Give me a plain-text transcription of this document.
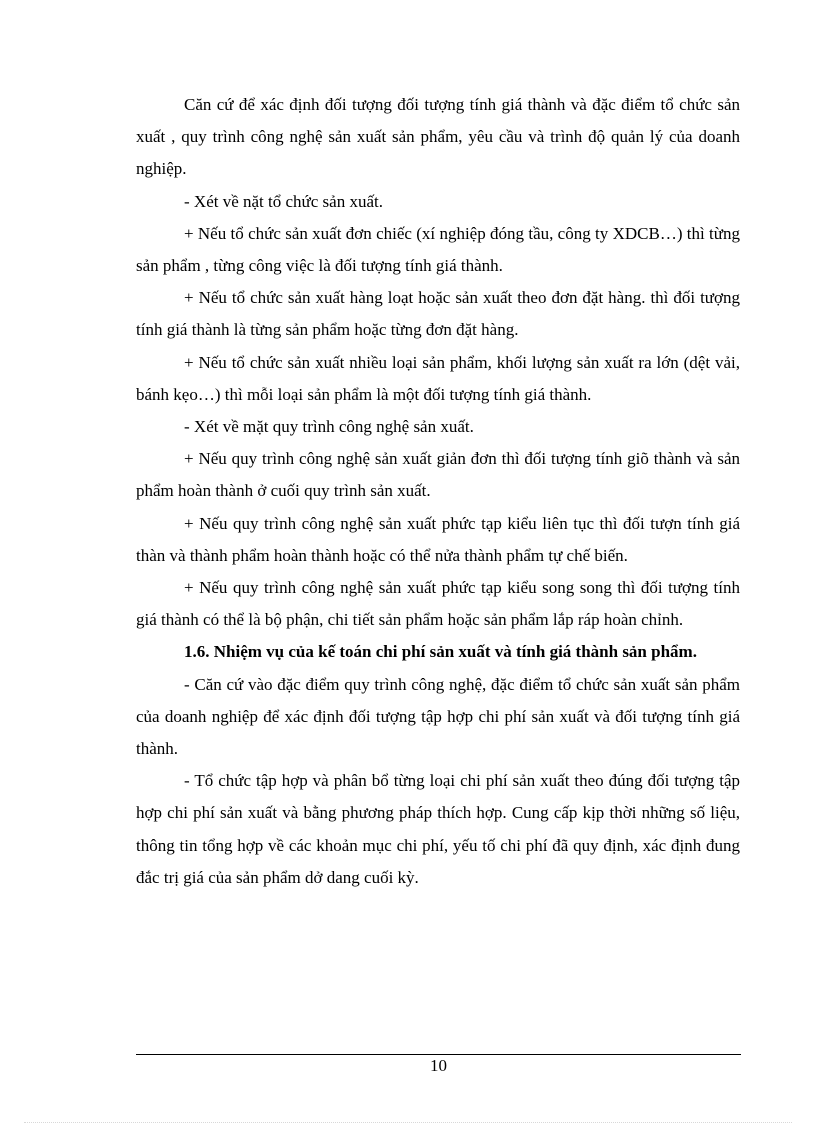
Căn cứ để xác định đối tượng đối tượng tính giá thành và đặc điểm tổ chức sản xuất , quy trình công nghệ sản xuất sản phẩm, yêu cầu và trình độ quản lý của doanh nghiệp.

- Xét về nặt tổ chức sản xuất.

+ Nếu tổ chức sản xuất đơn chiếc (xí nghiệp đóng tầu, công ty XDCB…) thì từng sản phẩm , từng công việc là đối tượng tính giá thành.

+ Nếu tổ chức sản xuất hàng loạt hoặc sản xuất theo đơn đặt hàng. thì đối tượng tính giá thành là từng sản phẩm hoặc từng đơn đặt hàng.

+ Nếu tổ chức sản xuất nhiều loại sản phẩm, khối lượng sản xuất ra lớn (dệt vải, bánh kẹo…) thì mỗi loại sản phẩm là một đối tượng tính giá thành.

- Xét về mặt quy trình công nghệ sản xuất.

+ Nếu quy trình công nghệ sản xuất giản đơn thì đối tượng tính giõ thành và sản phẩm hoàn thành ở cuối quy trình sản xuất.

+ Nếu quy trình công nghệ sản xuất phức tạp kiểu liên tục thì đối tượn tính giá thàn và thành phẩm hoàn thành hoặc có thể nửa thành phẩm tự chế biến.

+ Nếu quy trình công nghệ sản xuất phức tạp kiểu song song thì đối tượng tính giá thành có thể là bộ phận, chi tiết sản phẩm hoặc sản phẩm lắp ráp hoàn chỉnh.

1.6. Nhiệm vụ của kế toán chi phí sản xuất và tính giá thành sản phẩm.

- Căn cứ vào đặc điểm quy trình công nghệ, đặc điểm tổ chức sản xuất sản phẩm của doanh nghiệp để xác định đối tượng tập hợp chi phí sản xuất và đối tượng tính giá thành.

- Tổ chức tập hợp và phân bổ từng loại chi phí sản xuất theo đúng đối tượng tập hợp chi phí sản xuất và bằng phương pháp thích hợp. Cung cấp kịp thời những số liệu, thông tin tổng hợp về các khoản mục chi phí, yếu tố chi phí đã quy định, xác định đung đắc trị giá của sản phẩm dở dang cuối kỳ.

10
